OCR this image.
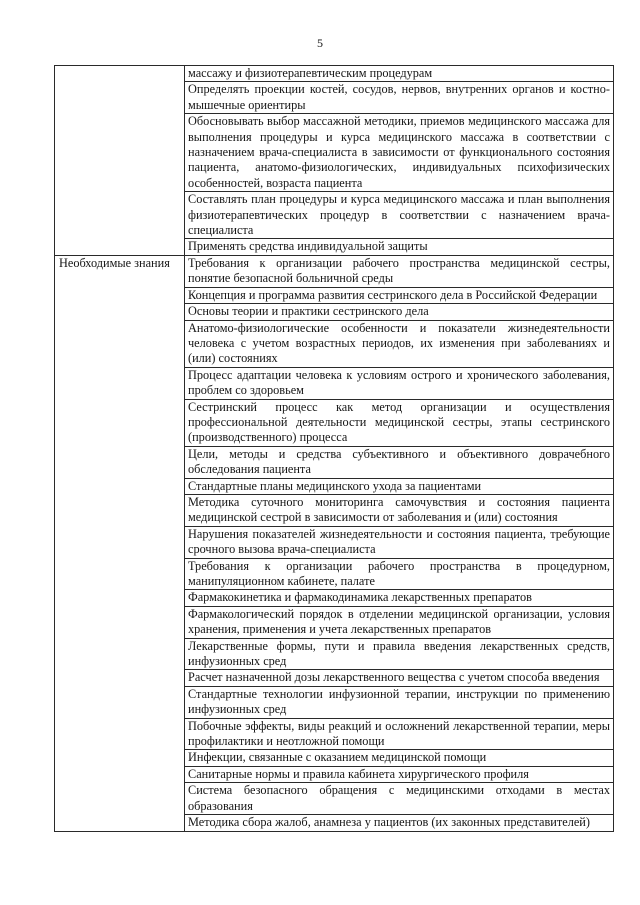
5
	массажу и физиотерапевтическим процедурам
	Определять проекции костей, сосудов, нервов, внутренних органов и костно-мышечные ориентиры
	Обосновывать выбор массажной методики, приемов медицинского массажа для выполнения процедуры и курса медицинского массажа в соответствии с назначением врача-специалиста в зависимости от функционального состояния пациента, анатомо-физиологических, индивидуальных психофизических особенностей, возраста пациента
	Составлять план процедуры и курса медицинского массажа и план выполнения физиотерапевтических процедур в соответствии с назначением врача-специалиста
	Применять средства индивидуальной защиты
Необходимые знания	Требования к организации рабочего пространства медицинской сестры, понятие безопасной больничной среды
	Концепция и программа развития сестринского дела в Российской Федерации
	Основы теории и практики сестринского дела
	Анатомо-физиологические особенности и показатели жизнедеятельности человека с учетом возрастных периодов, их изменения при заболеваниях и (или) состояниях
	Процесс адаптации человека к условиям острого и хронического заболевания, проблем со здоровьем
	Сестринский процесс как метод организации и осуществления профессиональной деятельности медицинской сестры, этапы сестринского (производственного) процесса
	Цели, методы и средства субъективного и объективного доврачебного обследования пациента
	Стандартные планы медицинского ухода за пациентами
	Методика суточного мониторинга самочувствия и состояния пациента медицинской сестрой в зависимости от заболевания и (или) состояния
	Нарушения показателей жизнедеятельности и состояния пациента, требующие срочного вызова врача-специалиста
	Требования к организации рабочего пространства в процедурном, манипуляционном кабинете, палате
	Фармакокинетика и фармакодинамика лекарственных препаратов
	Фармакологический порядок в отделении медицинской организации, условия хранения, применения и учета лекарственных препаратов
	Лекарственные формы, пути и правила введения лекарственных средств, инфузионных сред
	Расчет назначенной дозы лекарственного вещества с учетом способа введения
	Стандартные технологии инфузионной терапии, инструкции по применению инфузионных сред
	Побочные эффекты, виды реакций и осложнений лекарственной терапии, меры профилактики и неотложной помощи
	Инфекции, связанные с оказанием медицинской помощи
	Санитарные нормы и правила кабинета хирургического профиля
	Система безопасного обращения с медицинскими отходами в местах образования
	Методика сбора жалоб, анамнеза у пациентов (их законных представителей)
